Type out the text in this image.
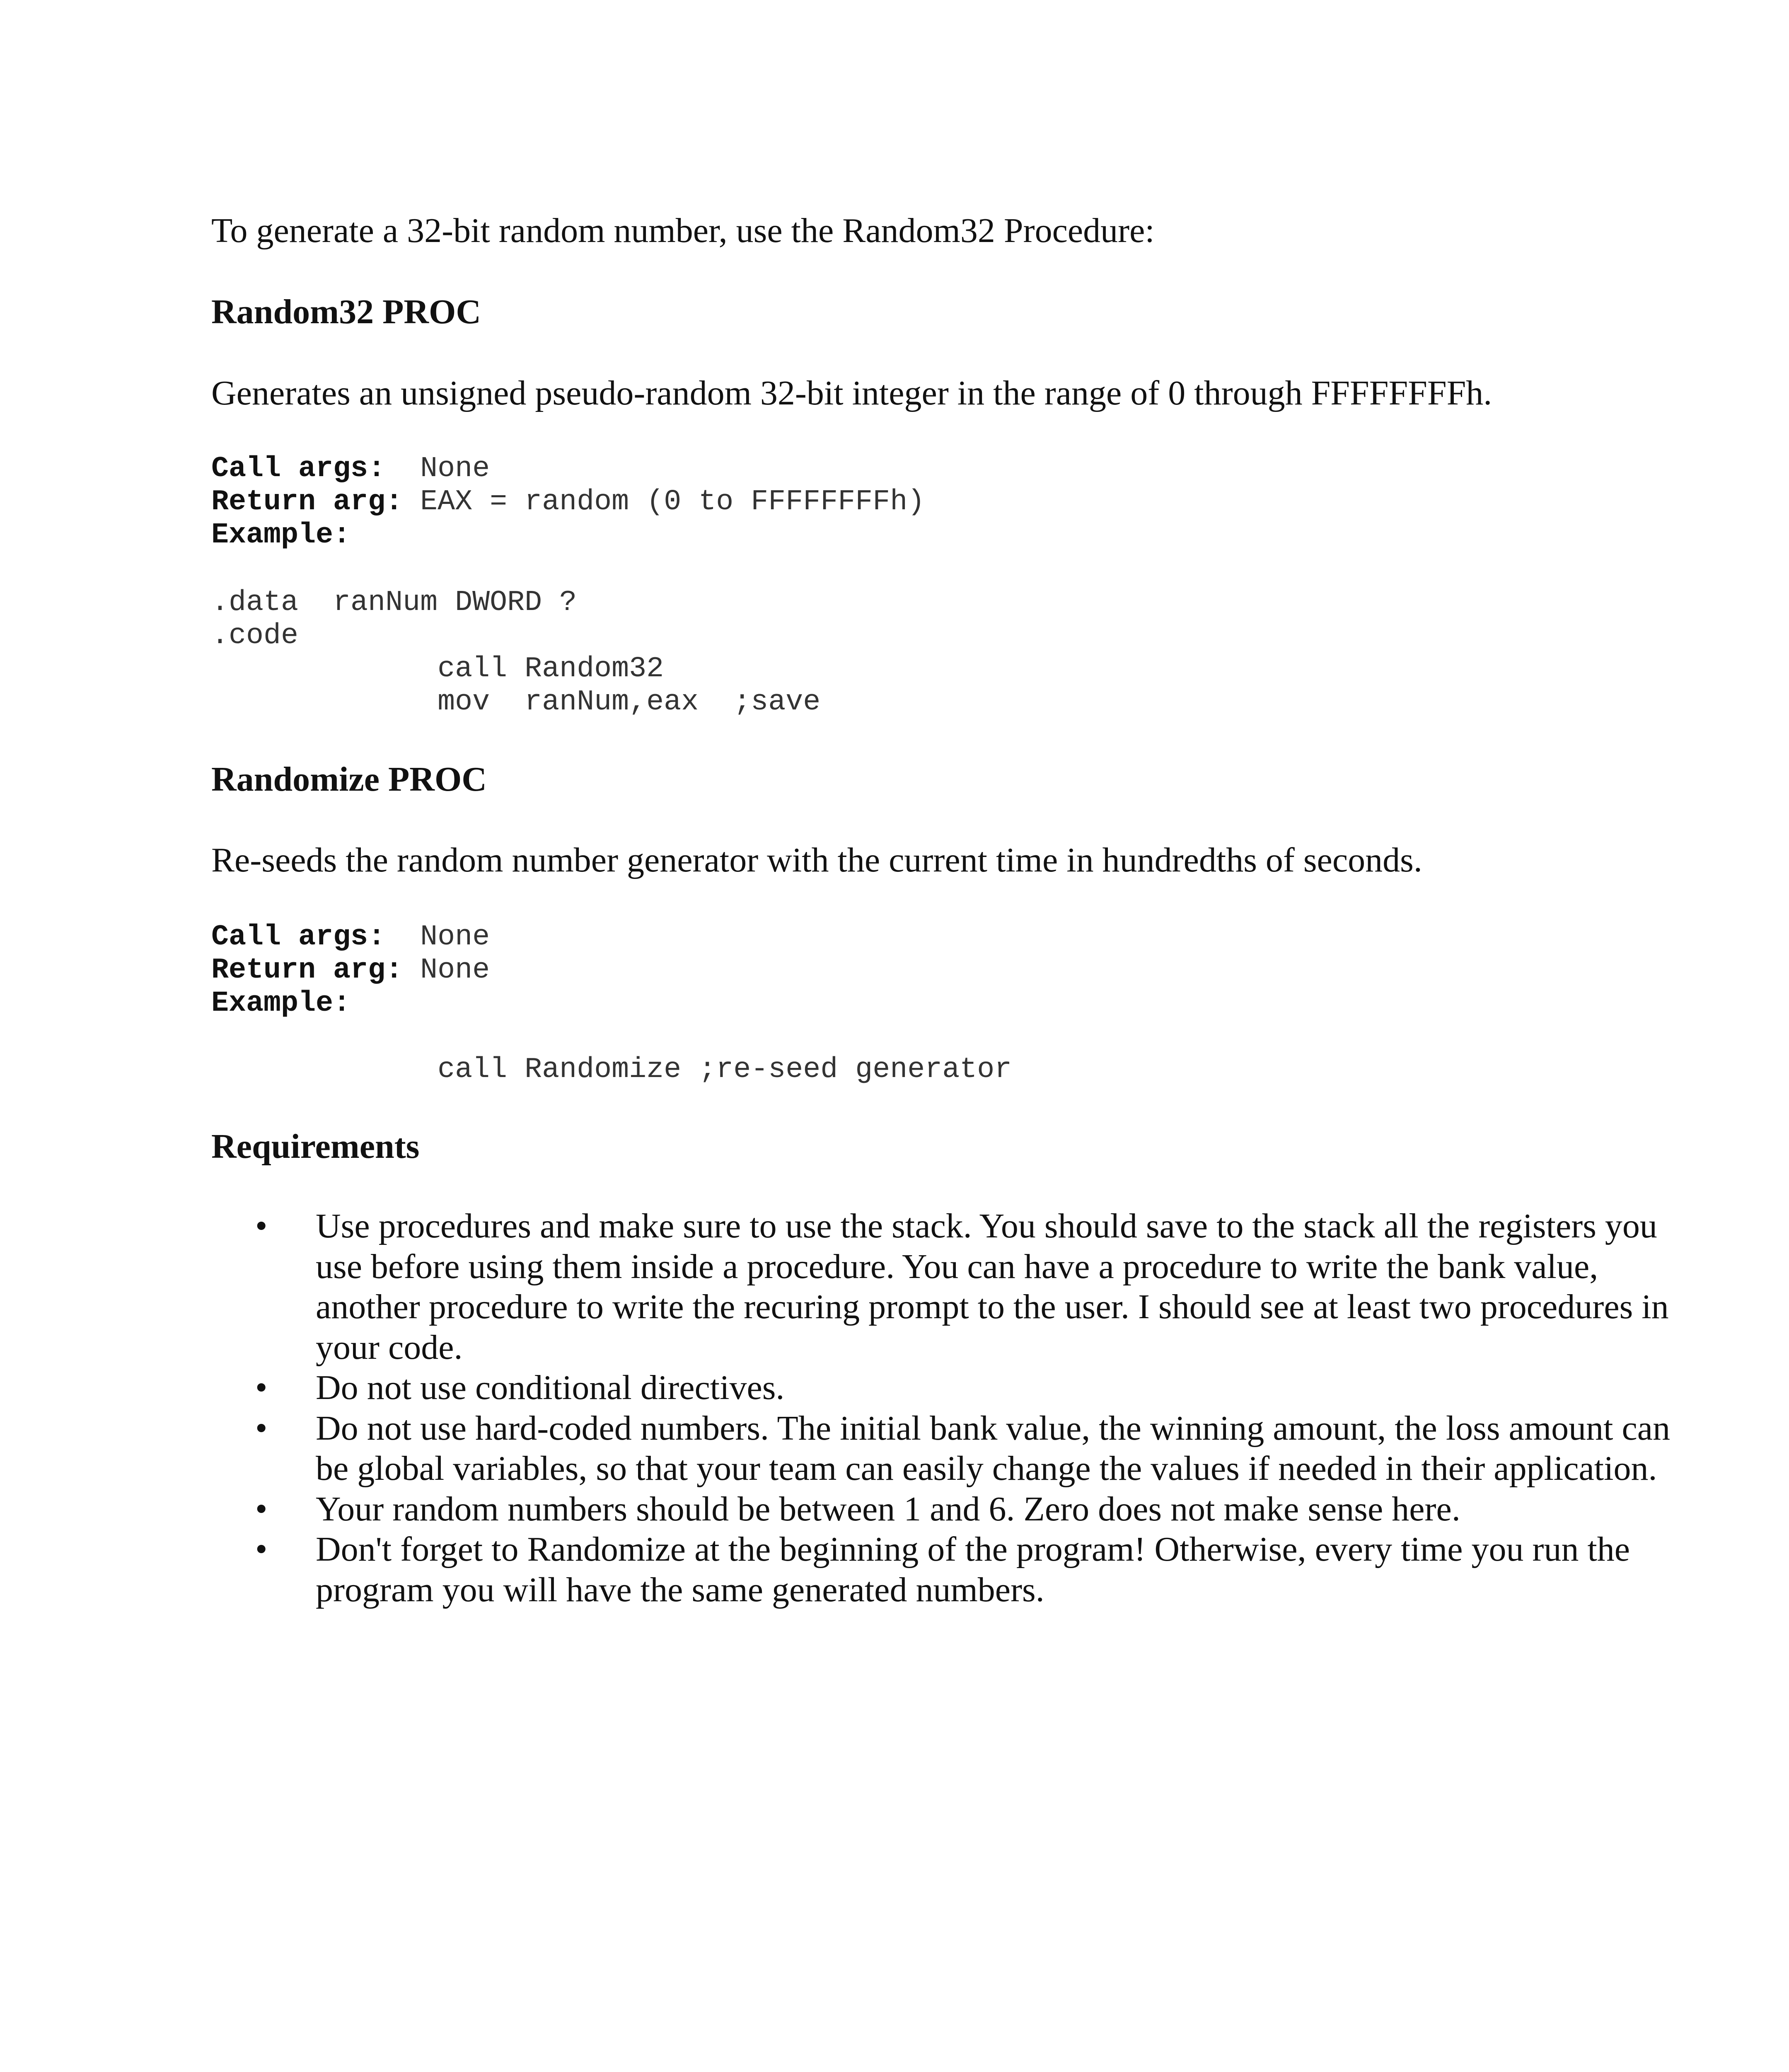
To generate a 32-bit random number, use the Random32 Procedure:
Random32 PROC
Generates an unsigned pseudo-random 32-bit integer in the range of 0 through FFFFFFFFh.
Call args: None
Return arg: EAX = random (0 to FFFFFFFFh)
Example:
.data  ranNum DWORD ?
.code
call Random32
mov  ranNum,eax  ;save
Randomize PROC
Re-seeds the random number generator with the current time in hundredths of seconds.
Call args: None
Return arg: None
Example:
call Randomize ;re-seed generator
Requirements
• Use procedures and make sure to use the stack. You should save to the stack all the registers you use before using them inside a procedure. You can have a procedure to write the bank value, another procedure to write the recuring prompt to the user. I should see at least two procedures in your code.
• Do not use conditional directives.
• Do not use hard-coded numbers. The initial bank value, the winning amount, the loss amount can be global variables, so that your team can easily change the values if needed in their application.
• Your random numbers should be between 1 and 6. Zero does not make sense here.
• Don't forget to Randomize at the beginning of the program! Otherwise, every time you run the program you will have the same generated numbers.
